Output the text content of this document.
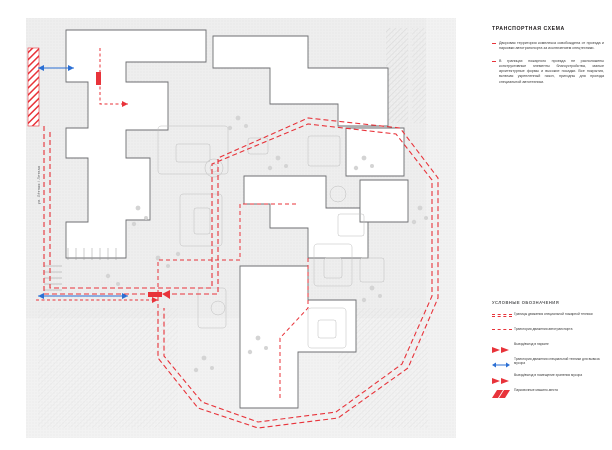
ул. Лётная / Летная
ТРАНСПОРТНАЯ СХЕМА
Дворовая территория комплекса освобождена от проезда и парковки автотранспорта за исключением спецтехники.
В границах пожарного проезда не расположены конструктивные элементы благоустройства, малые архитектурные формы и высокие посадки. Все покрытия, включая укрепленный газон, пригодны для проезда специальной автотехники.
УСЛОВНЫЕ ОБОЗНАЧЕНИЯ
Границы движения специальной пожарной техники
Траектория движения автотранспорта
Выезд/въезд в паркинг
Траектория движения специальной техники для вывоза мусора
Выезд/въезд в помещение хранения мусора
Парковочные машино-места
